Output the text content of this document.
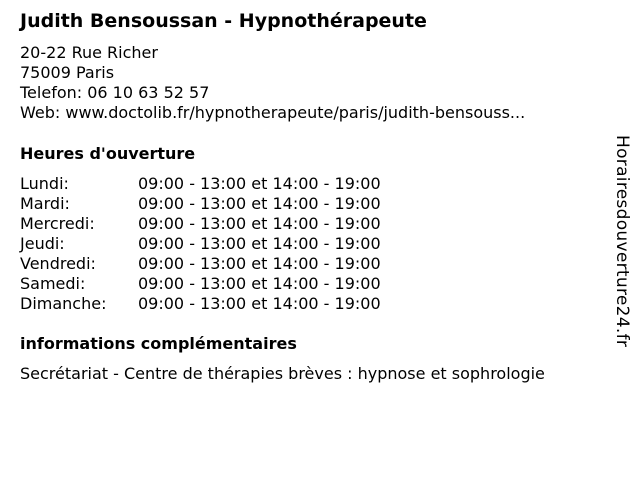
Judith Bensoussan - Hypnothérapeute
20-22 Rue Richer
75009 Paris
Telefon: 06 10 63 52 57
Web: www.doctolib.fr/hypnotherapeute/paris/judith-bensouss...
Heures d'ouverture
Lundi:	09:00 - 13:00 et 14:00 - 19:00
Mardi:	09:00 - 13:00 et 14:00 - 19:00
Mercredi:	09:00 - 13:00 et 14:00 - 19:00
Jeudi:	09:00 - 13:00 et 14:00 - 19:00
Vendredi:	09:00 - 13:00 et 14:00 - 19:00
Samedi:	09:00 - 13:00 et 14:00 - 19:00
Dimanche: 09:00 - 13:00 et 14:00 - 19:00
informations complémentaires
Secrétariat - Centre de thérapies brèves : hypnose et sophrologie
Horairesdouverture24.fr
